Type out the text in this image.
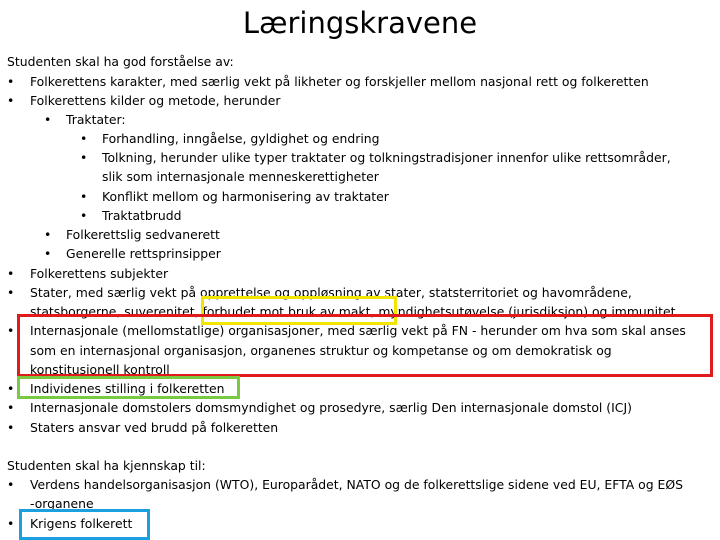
Læringskravene
Studenten skal ha god forståelse av:
• Folkerettens karakter, med særlig vekt på likheter og forskjeller mellom nasjonal rett og folkeretten
• Folkerettens kilder og metode, herunder
• Traktater:
• Forhandling, inngåelse, gyldighet og endring
• Tolkning, herunder ulike typer traktater og tolkningstradisjoner innenfor ulike rettsområder,
slik som internasjonale menneskerettigheter
• Konflikt mellom og harmonisering av traktater
• Traktatbrudd
• Folkerettslig sedvanerett
• Generelle rettsprinsipper
• Folkerettens subjekter
• Stater, med særlig vekt på opprettelse og oppløsning av stater, statsterritoriet og havområdene,
statsborgerne, suverenitet, forbudet mot bruk av makt, myndighetsutøvelse (jurisdiksjon) og immunitet
• Internasjonale (mellomstatlige) organisasjoner, med særlig vekt på FN - herunder om hva som skal anses
som en internasjonal organisasjon, organenes struktur og kompetanse og om demokratisk og
konstitusjonell kontroll
• Individenes stilling i folkeretten
• Internasjonale domstolers domsmyndighet og prosedyre, særlig Den internasjonale domstol (ICJ)
• Staters ansvar ved brudd på folkeretten
Studenten skal ha kjennskap til:
• Verdens handelsorganisasjon (WTO), Europarådet, NATO og de folkerettslige sidene ved EU, EFTA og EØS
-organene
• Krigens folkerett
